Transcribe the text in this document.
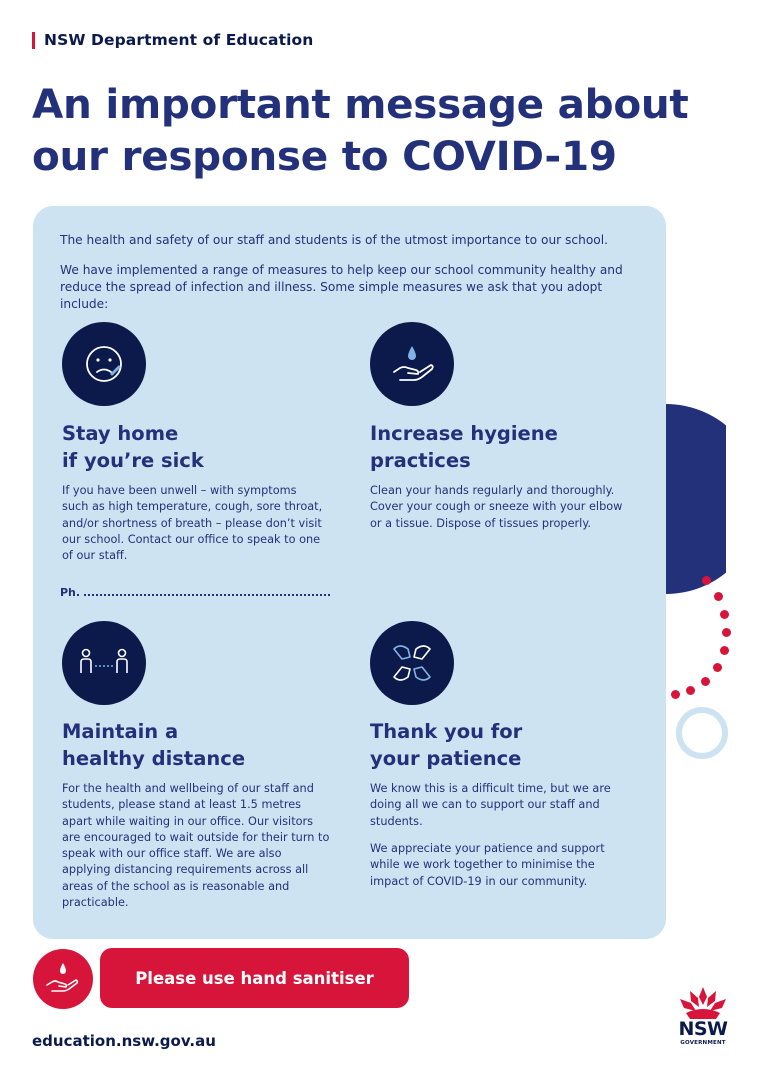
NSW Department of Education
An important message about
our response to COVID-19

The health and safety of our staff and students is of the utmost importance to our school.

We have implemented a range of measures to help keep our school community healthy and reduce the spread of infection and illness. Some simple measures we ask that you adopt include:

Stay home
if you’re sick

If you have been unwell – with symptoms such as high temperature, cough, sore throat, and/or shortness of breath – please don’t visit our school. Contact our office to speak to one of our staff.

Increase hygiene
practices

Clean your hands regularly and thoroughly. Cover your cough or sneeze with your elbow or a tissue. Dispose of tissues properly.

Ph.
Maintain a
healthy distance

For the health and wellbeing of our staff and students, please stand at least 1.5 metres apart while waiting in our office. Our visitors are encouraged to wait outside for their turn to speak with our office staff. We are also applying distancing requirements across all areas of the school as is reasonable and practicable.

Thank you for
your patience

We know this is a difficult time, but we are doing all we can to support our staff and students.

We appreciate your patience and support while we work together to minimise the impact of COVID-19 in our community.

Please use hand sanitiser
education.nsw.gov.au
NSW
GOVERNMENT
